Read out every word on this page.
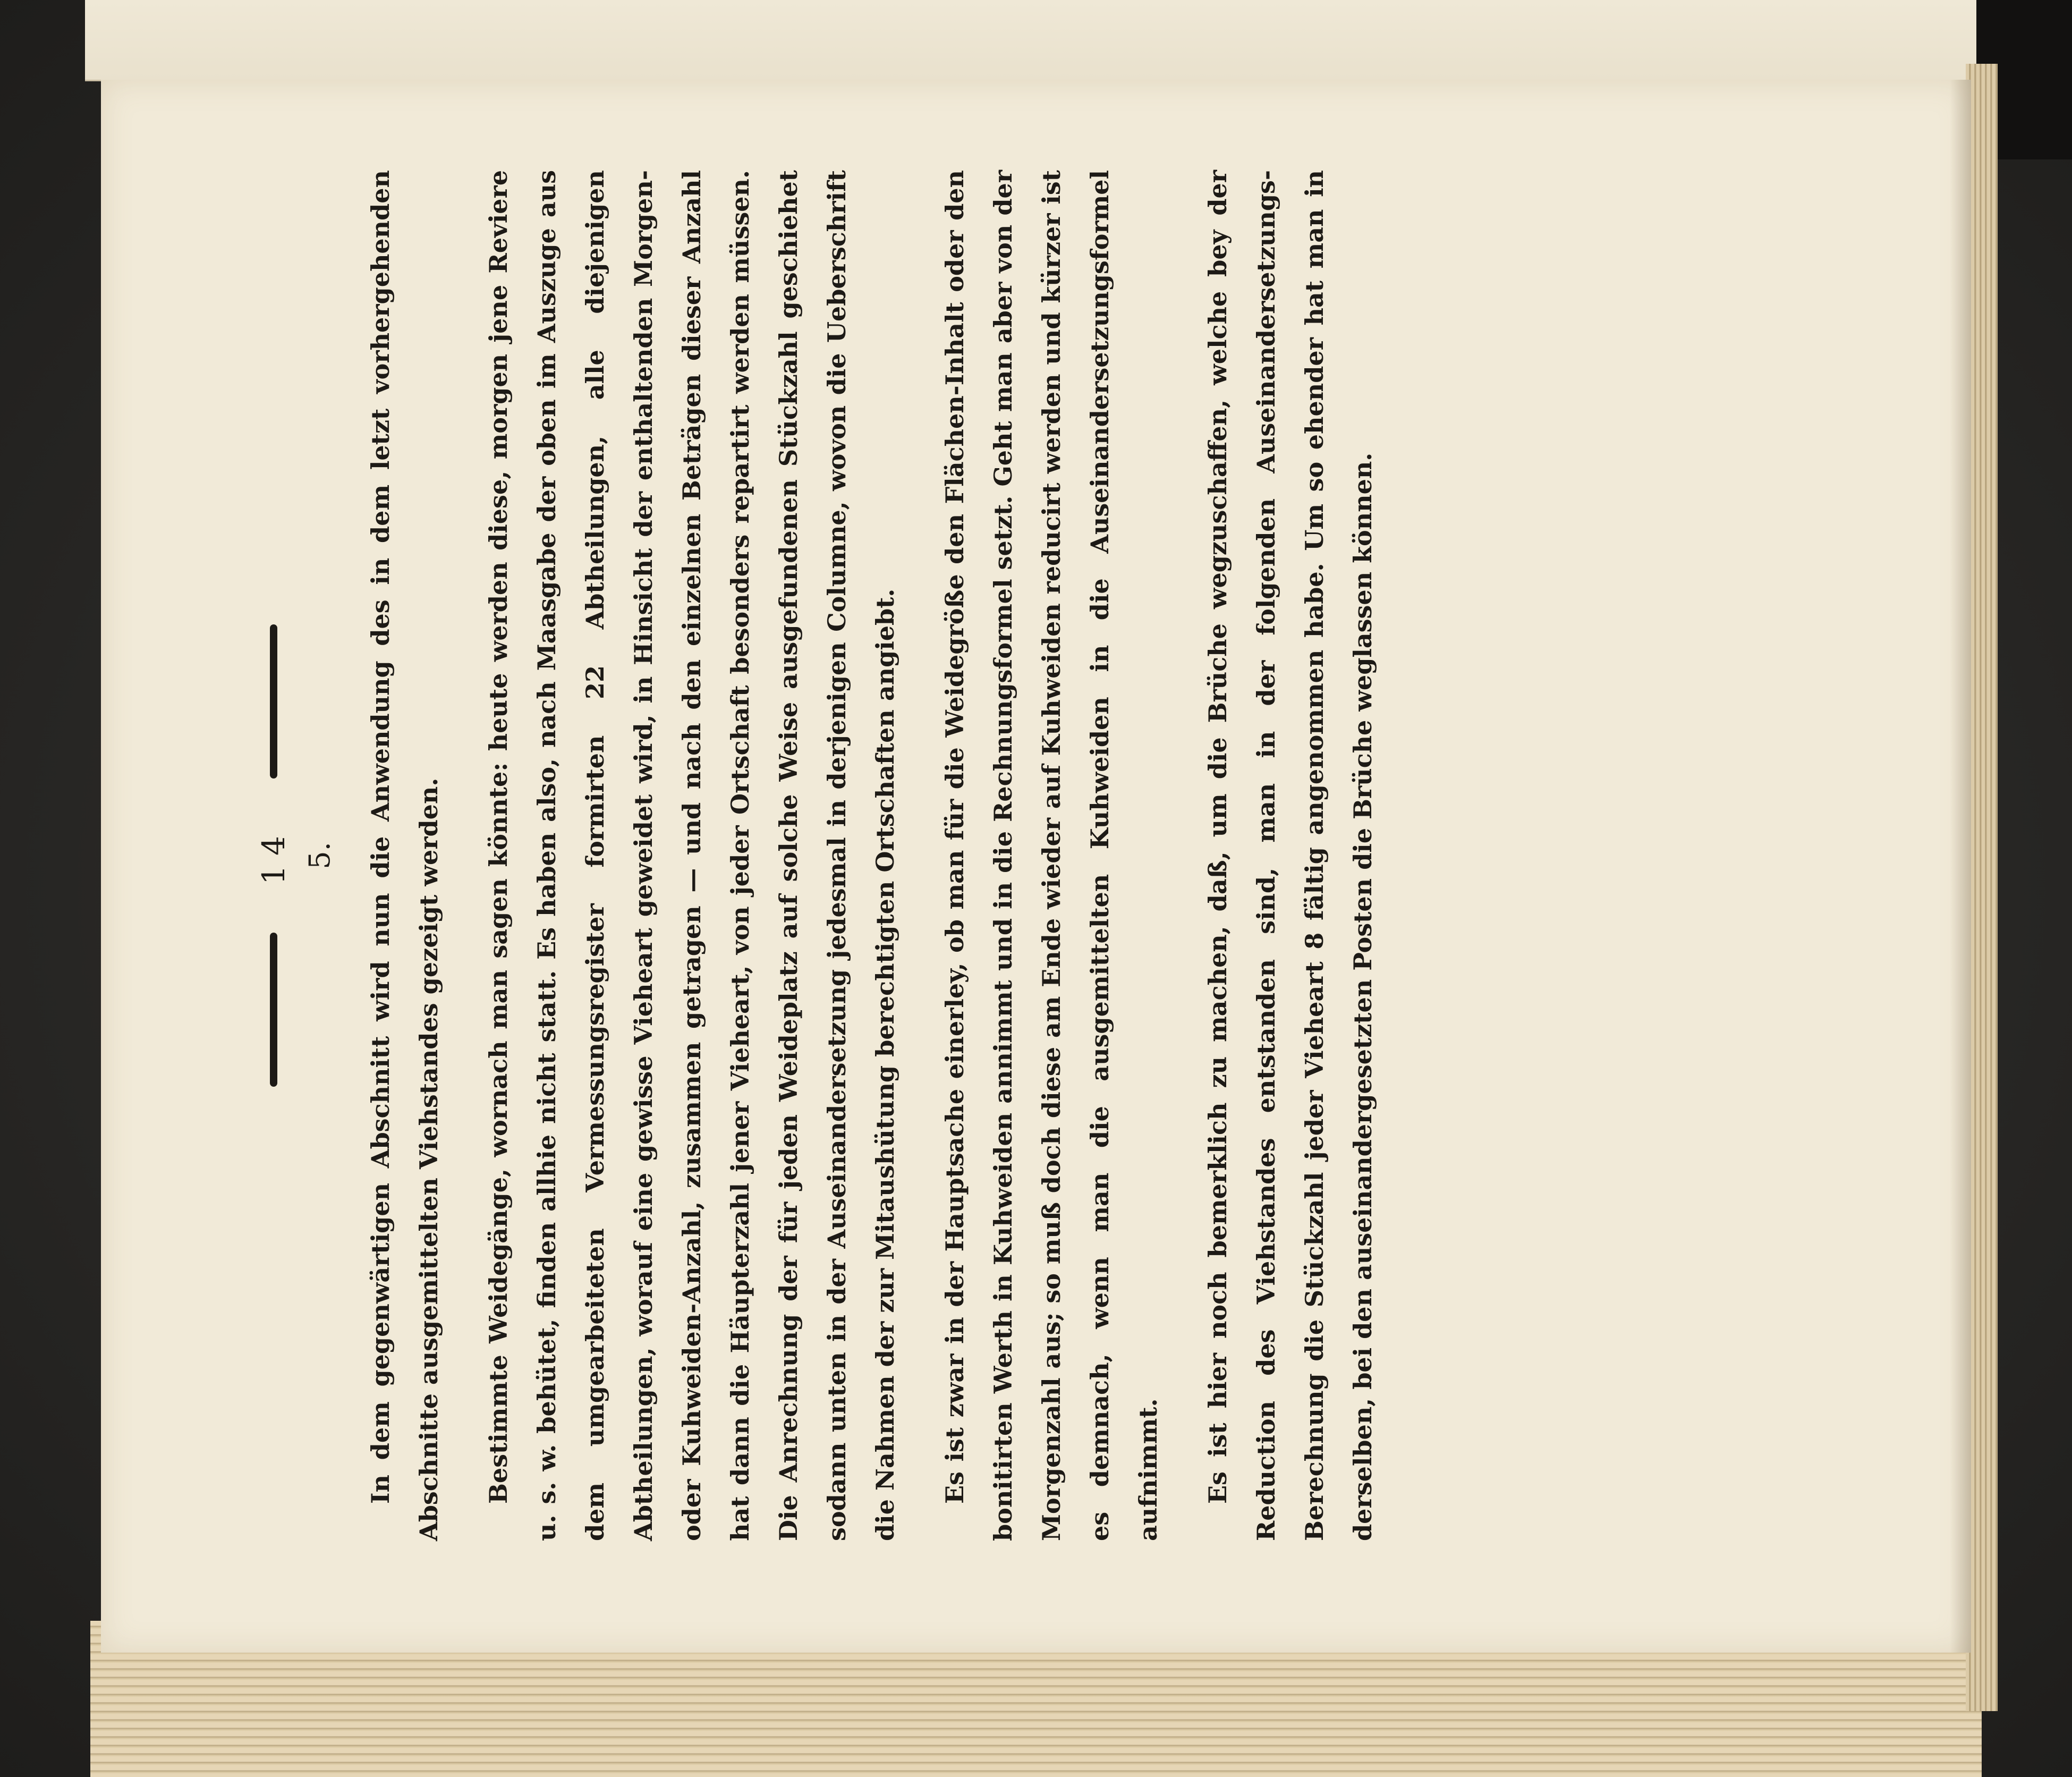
14 5.	In dem gegenwärtigen Abschnitt wird nun die Anwendung des in dem letzt vorhergehenden Abschnitte ausgemittelten Viehstandes gezeigt werden.	Bestimmte Weidegänge, wornach man sagen könnte: heute werden diese, morgen jene Reviere u. s. w. behütet, finden allhie nicht statt. Es haben also, nach Maasgabe der oben im Auszuge aus dem umgearbeiteten Vermessungsregister formirten 22 Abtheilungen, alle diejenigen Abtheilungen, worauf eine gewisse Vieheart geweidet wird, in Hinsicht der enthaltenden Morgen- oder Kuhweiden-Anzahl, zusammen getragen — und nach den einzelnen Beträgen dieser Anzahl hat dann die Häupterzahl jener Vieheart, von jeder Ortschaft besonders repartirt werden müssen. Die Anrechnung der für jeden Weideplatz auf solche Weise ausgefundenen Stückzahl geschiehet sodann unten in der Auseinandersetzung jedesmal in derjenigen Columne, wovon die Ueberschrift die Nahmen der zur Mitaushütung berechtigten Ortschaften angiebt.	Es ist zwar in der Hauptsache einerley, ob man für die Weidegröße den Flächen-Inhalt oder den bonitirten Werth in Kuhweiden annimmt und in die Rechnungsformel setzt. Geht man aber von der Morgenzahl aus; so muß doch diese am Ende wieder auf Kuhweiden reducirt werden und kürzer ist es demnach, wenn man die ausgemittelten Kuhweiden in die Auseinandersetzungsformel aufnimmt.	Es ist hier noch bemerklich zu machen, daß, um die Brüche wegzuschaffen, welche bey der Reduction des Viehstandes entstanden sind, man in der folgenden Auseinandersetzungs-Berechnung die Stückzahl jeder Vieheart 8 fältig angenommen habe. Um so ehender hat man in derselben, bei den auseinandergesetzten Posten die Brüche weglassen können.
